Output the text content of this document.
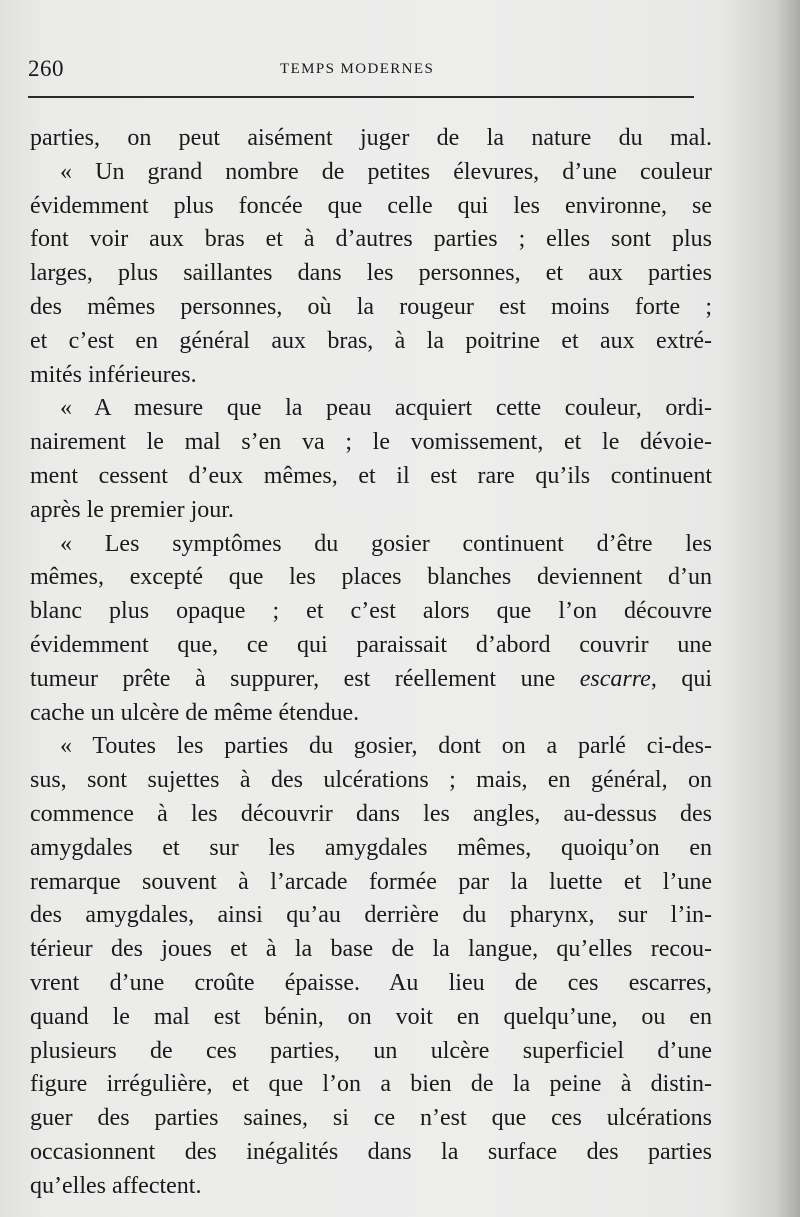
260	TEMPS MODERNES
parties, on peut aisément juger de la nature du mal.
« Un grand nombre de petites élevures, d’une couleur
évidemment plus foncée que celle qui les environne, se
font voir aux bras et à d’autres parties ; elles sont plus
larges, plus saillantes dans les personnes, et aux parties
des mêmes personnes, où la rougeur est moins forte ;
et c’est en général aux bras, à la poitrine et aux extré-
mités inférieures.
« A mesure que la peau acquiert cette couleur, ordi-
nairement le mal s’en va ; le vomissement, et le dévoie-
ment cessent d’eux mêmes, et il est rare qu’ils continuent
après le premier jour.
« Les symptômes du gosier continuent d’être les
mêmes, excepté que les places blanches deviennent d’un
blanc plus opaque ; et c’est alors que l’on découvre
évidemment que, ce qui paraissait d’abord couvrir une
tumeur prête à suppurer, est réellement une escarre, qui
cache un ulcère de même étendue.
« Toutes les parties du gosier, dont on a parlé ci-des-
sus, sont sujettes à des ulcérations ; mais, en général, on
commence à les découvrir dans les angles, au-dessus des
amygdales et sur les amygdales mêmes, quoiqu’on en
remarque souvent à l’arcade formée par la luette et l’une
des amygdales, ainsi qu’au derrière du pharynx, sur l’in-
térieur des joues et à la base de la langue, qu’elles recou-
vrent d’une croûte épaisse. Au lieu de ces escarres,
quand le mal est bénin, on voit en quelqu’une, ou en
plusieurs de ces parties, un ulcère superficiel d’une
figure irrégulière, et que l’on a bien de la peine à distin-
guer des parties saines, si ce n’est que ces ulcérations
occasionnent des inégalités dans la surface des parties
qu’elles affectent.
